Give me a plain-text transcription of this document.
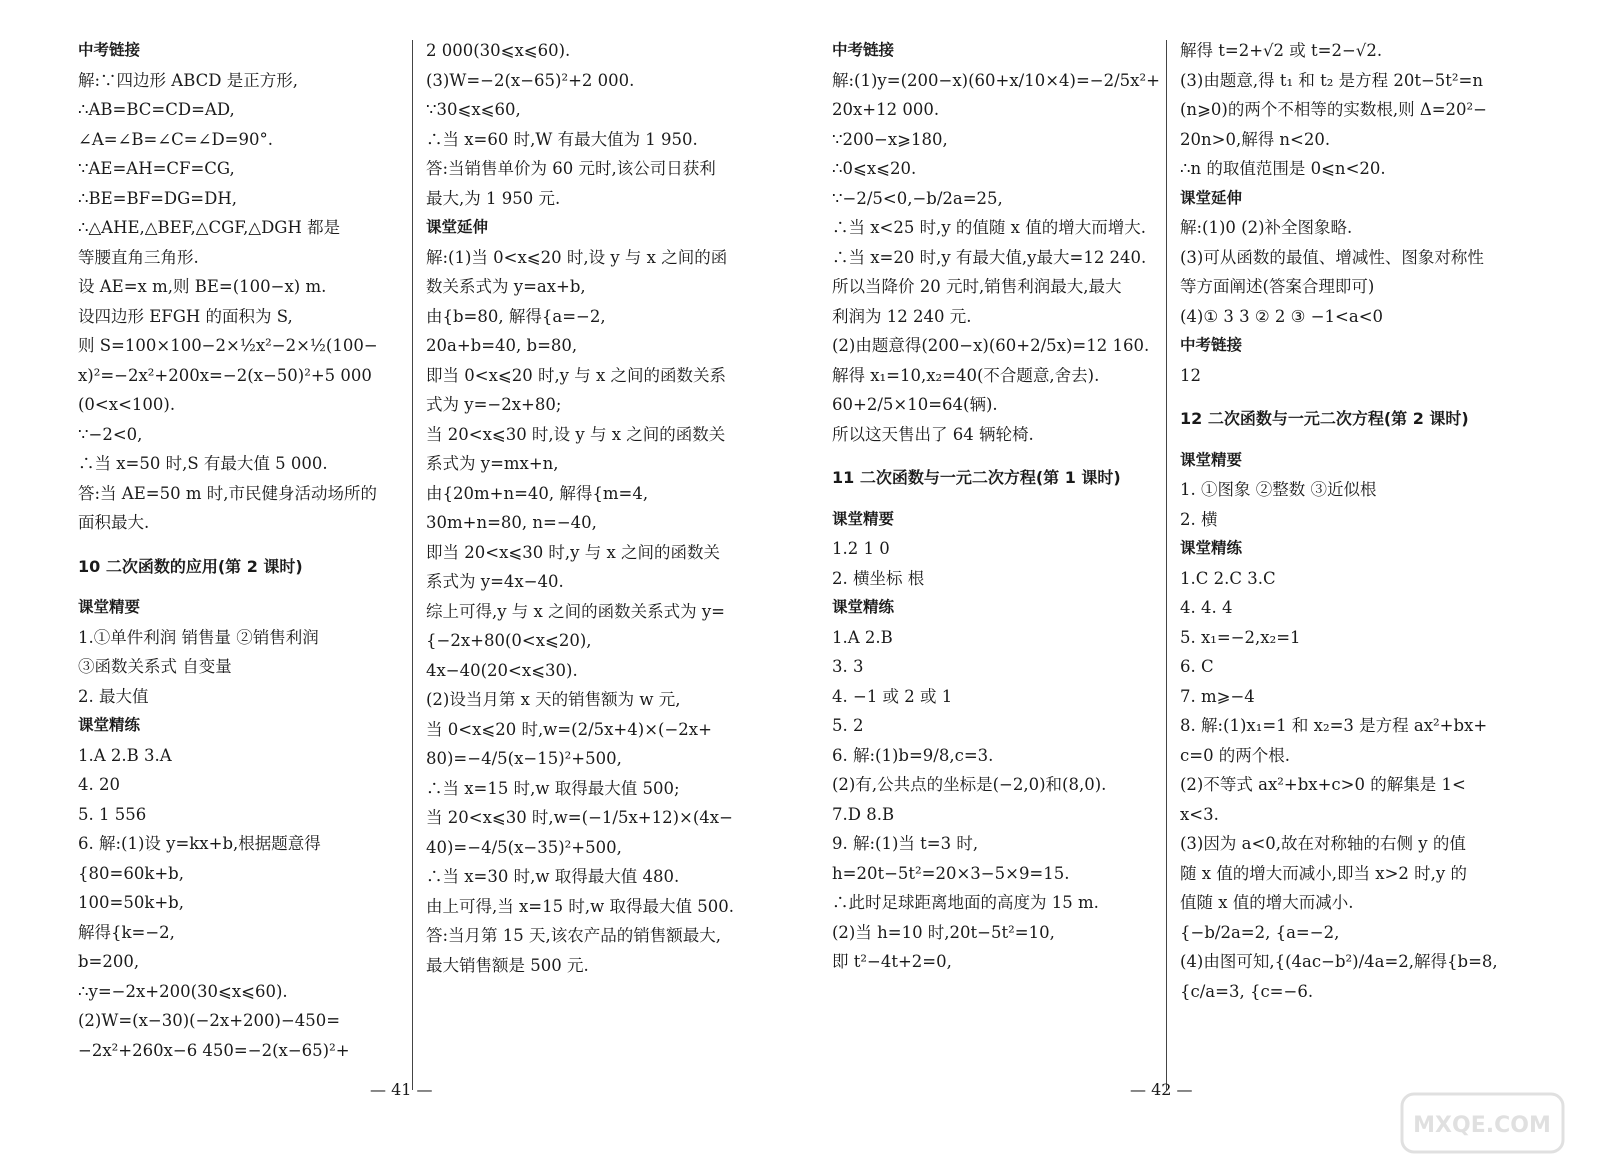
中考链接
解:∵四边形 ABCD 是正方形,
∴AB=BC=CD=AD,
∠A=∠B=∠C=∠D=90°.
∵AE=AH=CF=CG,
∴BE=BF=DG=DH,
∴△AHE,△BEF,△CGF,△DGH 都是
等腰直角三角形.
设 AE=x m,则 BE=(100−x) m.
设四边形 EFGH 的面积为 S,
则 S=100×100−2×½x²−2×½(100−
x)²=−2x²+200x=−2(x−50)²+5 000
(0<x<100).
∵−2<0,
∴当 x=50 时,S 有最大值 5 000.
答:当 AE=50 m 时,市民健身活动场所的
面积最大.
10 二次函数的应用(第 2 课时)
课堂精要
1.①单件利润 销售量 ②销售利润
③函数关系式 自变量
2. 最大值
课堂精练
1.A 2.B 3.A
4. 20
5. 1 556
6. 解:(1)设 y=kx+b,根据题意得
{80=60k+b,
100=50k+b,
解得{k=−2,
b=200,
∴y=−2x+200(30⩽x⩽60).
(2)W=(x−30)(−2x+200)−450=
−2x²+260x−6 450=−2(x−65)²+
2 000(30⩽x⩽60).
(3)W=−2(x−65)²+2 000.
∵30⩽x⩽60,
∴当 x=60 时,W 有最大值为 1 950.
答:当销售单价为 60 元时,该公司日获利
最大,为 1 950 元.
课堂延伸
解:(1)当 0<x⩽20 时,设 y 与 x 之间的函
数关系式为 y=ax+b,
由{b=80, 解得{a=−2,
20a+b=40, b=80,
即当 0<x⩽20 时,y 与 x 之间的函数关系
式为 y=−2x+80;
当 20<x⩽30 时,设 y 与 x 之间的函数关
系式为 y=mx+n,
由{20m+n=40, 解得{m=4,
30m+n=80, n=−40,
即当 20<x⩽30 时,y 与 x 之间的函数关
系式为 y=4x−40.
综上可得,y 与 x 之间的函数关系式为 y=
{−2x+80(0<x⩽20),
4x−40(20<x⩽30).
(2)设当月第 x 天的销售额为 w 元,
当 0<x⩽20 时,w=(2/5x+4)×(−2x+
80)=−4/5(x−15)²+500,
∴当 x=15 时,w 取得最大值 500;
当 20<x⩽30 时,w=(−1/5x+12)×(4x−
40)=−4/5(x−35)²+500,
∴当 x=30 时,w 取得最大值 480.
由上可得,当 x=15 时,w 取得最大值 500.
答:当月第 15 天,该农产品的销售额最大,
最大销售额是 500 元.
中考链接
解:(1)y=(200−x)(60+x/10×4)=−2/5x²+
20x+12 000.
∵200−x⩾180,
∴0⩽x⩽20.
∵−2/5<0,−b/2a=25,
∴当 x<25 时,y 的值随 x 值的增大而增大.
∴当 x=20 时,y 有最大值,y最大=12 240.
所以当降价 20 元时,销售利润最大,最大
利润为 12 240 元.
(2)由题意得(200−x)(60+2/5x)=12 160.
解得 x₁=10,x₂=40(不合题意,舍去).
60+2/5×10=64(辆).
所以这天售出了 64 辆轮椅.
11 二次函数与一元二次方程(第 1 课时)
课堂精要
1.2 1 0
2. 横坐标 根
课堂精练
1.A 2.B
3. 3
4. −1 或 2 或 1
5. 2
6. 解:(1)b=9/8,c=3.
(2)有,公共点的坐标是(−2,0)和(8,0).
7.D 8.B
9. 解:(1)当 t=3 时,
h=20t−5t²=20×3−5×9=15.
∴此时足球距离地面的高度为 15 m.
(2)当 h=10 时,20t−5t²=10,
即 t²−4t+2=0,
解得 t=2+√2 或 t=2−√2.
(3)由题意,得 t₁ 和 t₂ 是方程 20t−5t²=n
(n⩾0)的两个不相等的实数根,则 Δ=20²−
20n>0,解得 n<20.
∴n 的取值范围是 0⩽n<20.
课堂延伸
解:(1)0 (2)补全图象略.
(3)可从函数的最值、增减性、图象对称性
等方面阐述(答案合理即可)
(4)① 3 3 ② 2 ③ −1<a<0
中考链接
12
12 二次函数与一元二次方程(第 2 课时)
课堂精要
1. ①图象 ②整数 ③近似根
2. 横
课堂精练
1.C 2.C 3.C
4. 4. 4
5. x₁=−2,x₂=1
6. C
7. m⩾−4
8. 解:(1)x₁=1 和 x₂=3 是方程 ax²+bx+
c=0 的两个根.
(2)不等式 ax²+bx+c>0 的解集是 1<
x<3.
(3)因为 a<0,故在对称轴的右侧 y 的值
随 x 值的增大而减小,即当 x>2 时,y 的
值随 x 值的增大而减小.
{−b/2a=2, {a=−2,
(4)由图可知,{(4ac−b²)/4a=2,解得{b=8,
{c/a=3, {c=−6.
— 41 —	— 42 —
MXQE.COM
